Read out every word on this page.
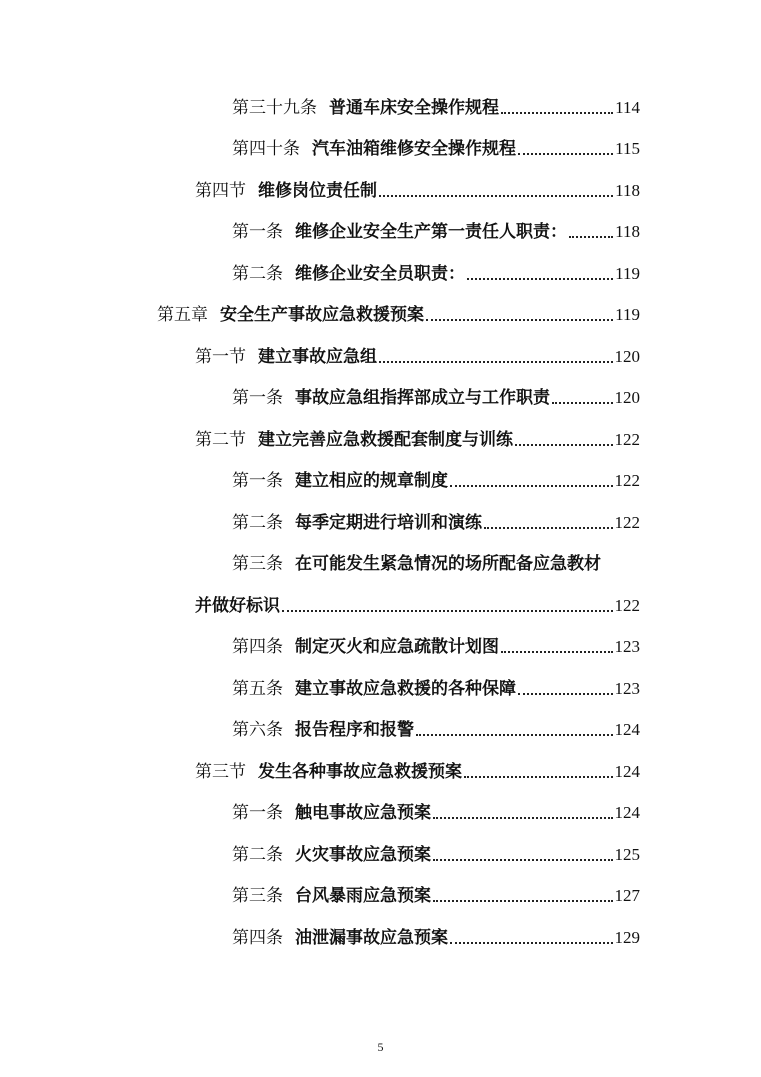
第三十九条 普通车床安全操作规程	114
第四十条 汽车油箱维修安全操作规程	115
第四节 维修岗位责任制	118
第一条 维修企业安全生产第一责任人职责：	118
第二条 维修企业安全员职责：	119
第五章 安全生产事故应急救援预案	119
第一节 建立事故应急组	120
第一条 事故应急组指挥部成立与工作职责	120
第二节 建立完善应急救援配套制度与训练	122
第一条 建立相应的规章制度	122
第二条 每季定期进行培训和演练	122
第三条 在可能发生紧急情况的场所配备应急教材
并做好标识	122
第四条 制定灭火和应急疏散计划图	123
第五条 建立事故应急救援的各种保障	123
第六条 报告程序和报警	124
第三节 发生各种事故应急救援预案	124
第一条 触电事故应急预案	124
第二条 火灾事故应急预案	125
第三条 台风暴雨应急预案	127
第四条 油泄漏事故应急预案	129
5
